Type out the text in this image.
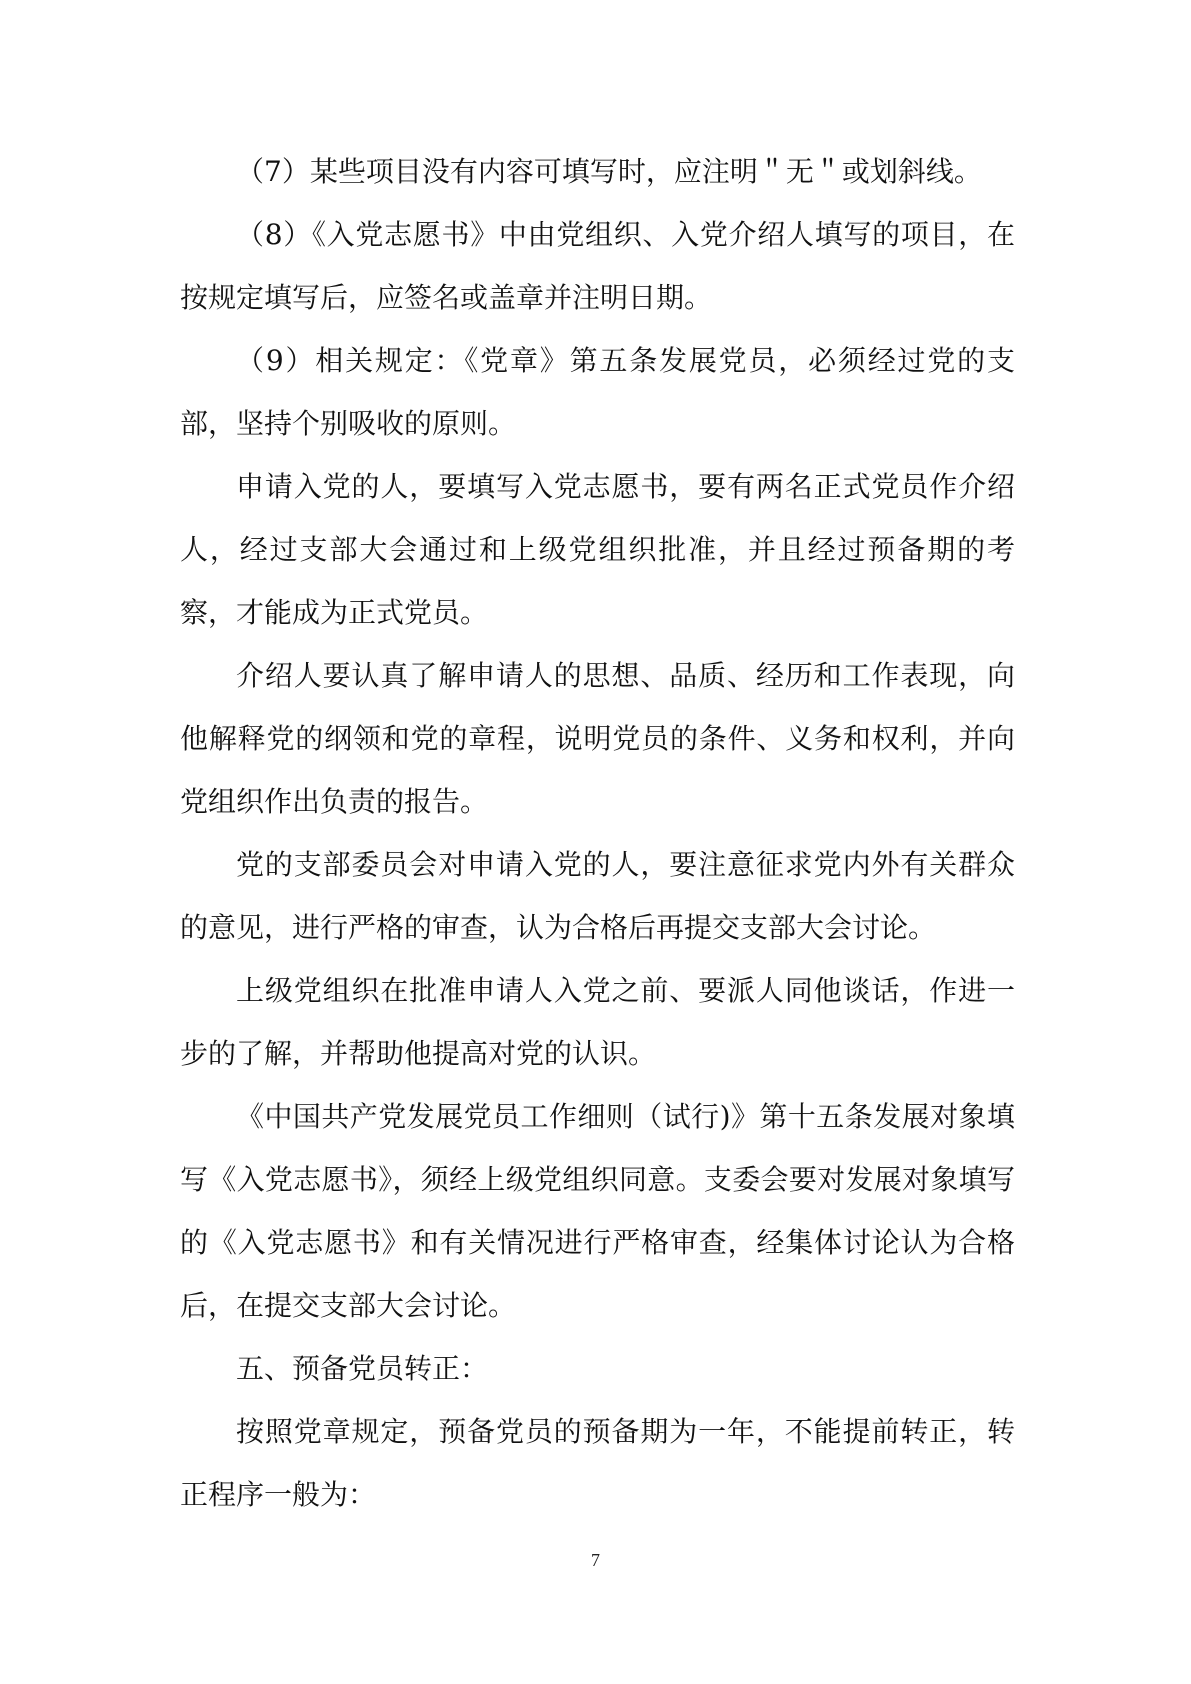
（7）某些项目没有内容可填写时，应注明＂无＂或划斜线。

（8）《入党志愿书》中由党组织、入党介绍人填写的项目，在按规定填写后，应签名或盖章并注明日期。

（9）相关规定：《党章》第五条发展党员，必须经过党的支部，坚持个别吸收的原则。

申请入党的人，要填写入党志愿书，要有两名正式党员作介绍人，经过支部大会通过和上级党组织批准，并且经过预备期的考察，才能成为正式党员。

介绍人要认真了解申请人的思想、品质、经历和工作表现，向他解释党的纲领和党的章程，说明党员的条件、义务和权利，并向党组织作出负责的报告。

党的支部委员会对申请入党的人，要注意征求党内外有关群众的意见，进行严格的审查，认为合格后再提交支部大会讨论。

上级党组织在批准申请人入党之前、要派人同他谈话，作进一步的了解，并帮助他提高对党的认识。

《中国共产党发展党员工作细则（试行)》第十五条发展对象填写《入党志愿书》，须经上级党组织同意。支委会要对发展对象填写的《入党志愿书》和有关情况进行严格审查，经集体讨论认为合格后，在提交支部大会讨论。

五、预备党员转正：

按照党章规定，预备党员的预备期为一年，不能提前转正，转正程序一般为：

7
